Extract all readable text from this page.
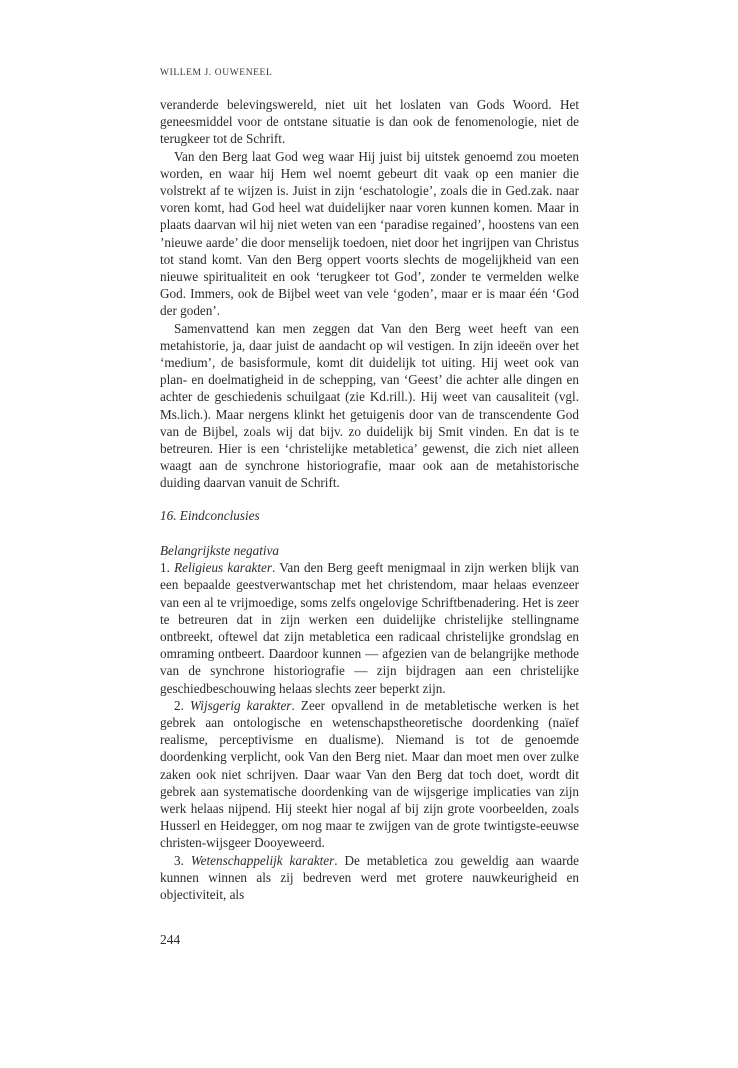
WILLEM J. OUWENEEL

veranderde belevingswereld, niet uit het loslaten van Gods Woord. Het geneesmiddel voor de ontstane situatie is dan ook de fenomenologie, niet de terugkeer tot de Schrift.

Van den Berg laat God weg waar Hij juist bij uitstek genoemd zou moeten worden, en waar hij Hem wel noemt gebeurt dit vaak op een manier die volstrekt af te wijzen is. Juist in zijn ‘eschatologie’, zoals die in Ged.zak. naar voren komt, had God heel wat duidelijker naar voren kunnen komen. Maar in plaats daarvan wil hij niet weten van een ‘paradise regained’, hoostens van een ’nieuwe aarde’ die door menselijk toedoen, niet door het ingrijpen van Christus tot stand komt. Van den Berg oppert voorts slechts de mogelijkheid van een nieuwe spiritualiteit en ook ‘terugkeer tot God’, zonder te vermelden welke God. Immers, ook de Bijbel weet van vele ‘goden’, maar er is maar één ‘God der goden’.

Samenvattend kan men zeggen dat Van den Berg weet heeft van een metahistorie, ja, daar juist de aandacht op wil vestigen. In zijn ideeën over het ‘medium’, de basisformule, komt dit duidelijk tot uiting. Hij weet ook van plan- en doelmatigheid in de schepping, van ‘Geest’ die achter alle dingen en achter de geschiedenis schuilgaat (zie Kd.rill.). Hij weet van causaliteit (vgl. Ms.lich.). Maar nergens klinkt het getuigenis door van de transcendente God van de Bijbel, zoals wij dat bijv. zo duidelijk bij Smit vinden. En dat is te betreuren. Hier is een ‘christelijke metabletica’ gewenst, die zich niet alleen waagt aan de synchrone historiografie, maar ook aan de metahistorische duiding daarvan vanuit de Schrift.

16. Eindconclusies

Belangrijkste negativa

1. Religieus karakter. Van den Berg geeft menigmaal in zijn werken blijk van een bepaalde geestverwantschap met het christendom, maar helaas evenzeer van een al te vrijmoedige, soms zelfs ongelovige Schriftbenadering. Het is zeer te betreuren dat in zijn werken een duidelijke christelijke stellingname ontbreekt, oftewel dat zijn metabletica een radicaal christelijke grondslag en omraming ontbeert. Daardoor kunnen — afgezien van de belangrijke methode van de synchrone historiografie — zijn bijdragen aan een christelijke geschiedbeschouwing helaas slechts zeer beperkt zijn.

2. Wijsgerig karakter. Zeer opvallend in de metabletische werken is het gebrek aan ontologische en wetenschapstheoretische doordenking (naïef realisme, perceptivisme en dualisme). Niemand is tot de genoemde doordenking verplicht, ook Van den Berg niet. Maar dan moet men over zulke zaken ook niet schrijven. Daar waar Van den Berg dat toch doet, wordt dit gebrek aan systematische doordenking van de wijsgerige implicaties van zijn werk helaas nijpend. Hij steekt hier nogal af bij zijn grote voorbeelden, zoals Husserl en Heidegger, om nog maar te zwijgen van de grote twintigste-eeuwse christen-wijsgeer Dooyeweerd.

3. Wetenschappelijk karakter. De metabletica zou geweldig aan waarde kunnen winnen als zij bedreven werd met grotere nauwkeurigheid en objectiviteit, als

244
